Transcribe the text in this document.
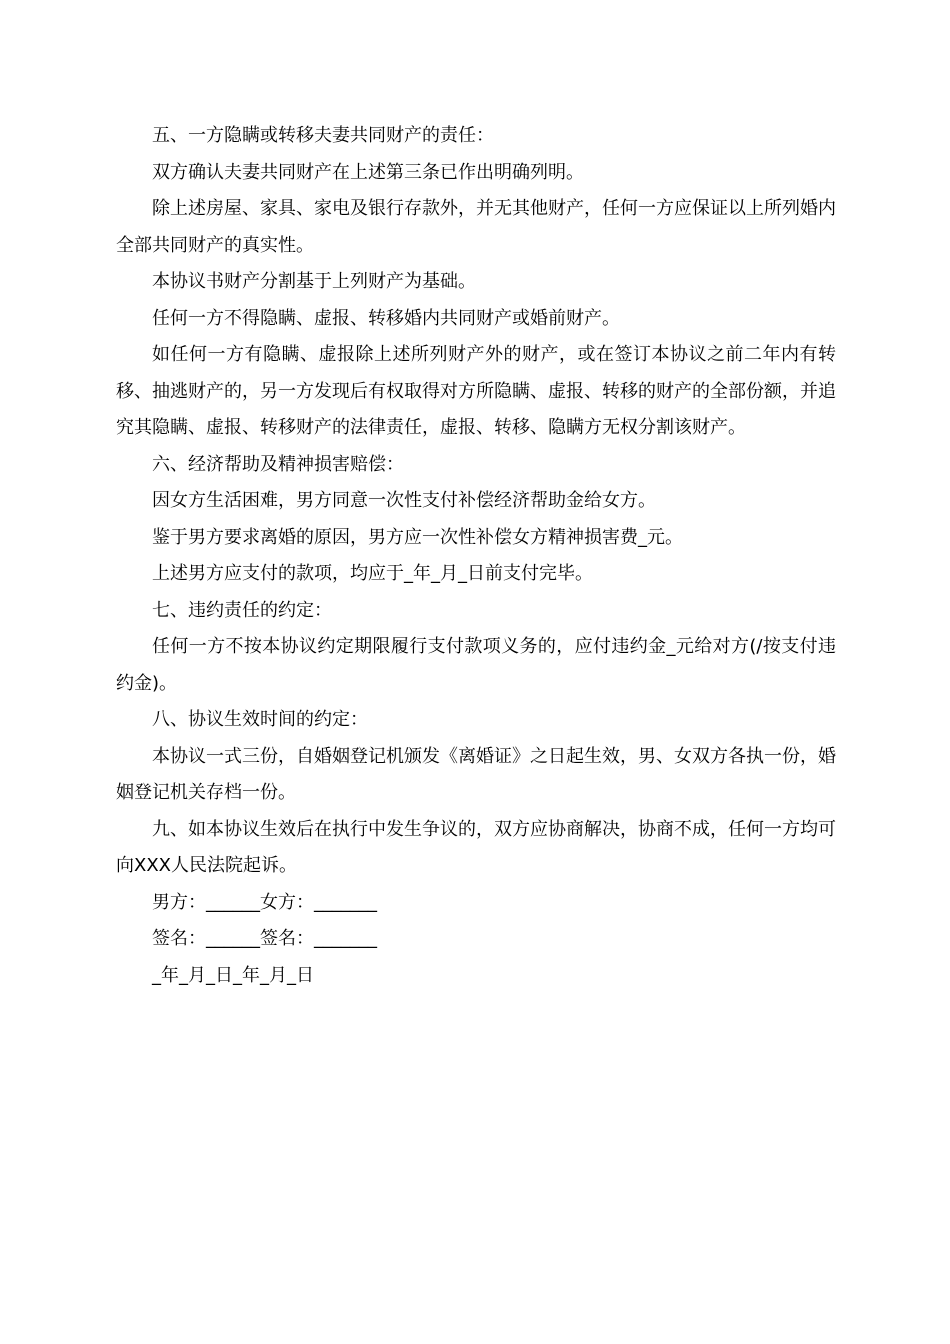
五、一方隐瞒或转移夫妻共同财产的责任：

双方确认夫妻共同财产在上述第三条已作出明确列明。

除上述房屋、家具、家电及银行存款外，并无其他财产，任何一方应保证以上所列婚内全部共同财产的真实性。

本协议书财产分割基于上列财产为基础。

任何一方不得隐瞒、虚报、转移婚内共同财产或婚前财产。

如任何一方有隐瞒、虚报除上述所列财产外的财产，或在签订本协议之前二年内有转移、抽逃财产的，另一方发现后有权取得对方所隐瞒、虚报、转移的财产的全部份额，并追究其隐瞒、虚报、转移财产的法律责任，虚报、转移、隐瞒方无权分割该财产。

六、经济帮助及精神损害赔偿：

因女方生活困难，男方同意一次性支付补偿经济帮助金给女方。

鉴于男方要求离婚的原因，男方应一次性补偿女方精神损害费_元。

上述男方应支付的款项，均应于_年_月_日前支付完毕。

七、违约责任的约定：

任何一方不按本协议约定期限履行支付款项义务的，应付违约金_元给对方(/按支付违约金)。

八、协议生效时间的约定：

本协议一式三份，自婚姻登记机颁发《离婚证》之日起生效，男、女双方各执一份，婚姻登记机关存档一份。

九、如本协议生效后在执行中发生争议的，双方应协商解决，协商不成，任何一方均可向XXX人民法院起诉。

男方：______女方：_______

签名：______签名：_______

_年_月_日_年_月_日
